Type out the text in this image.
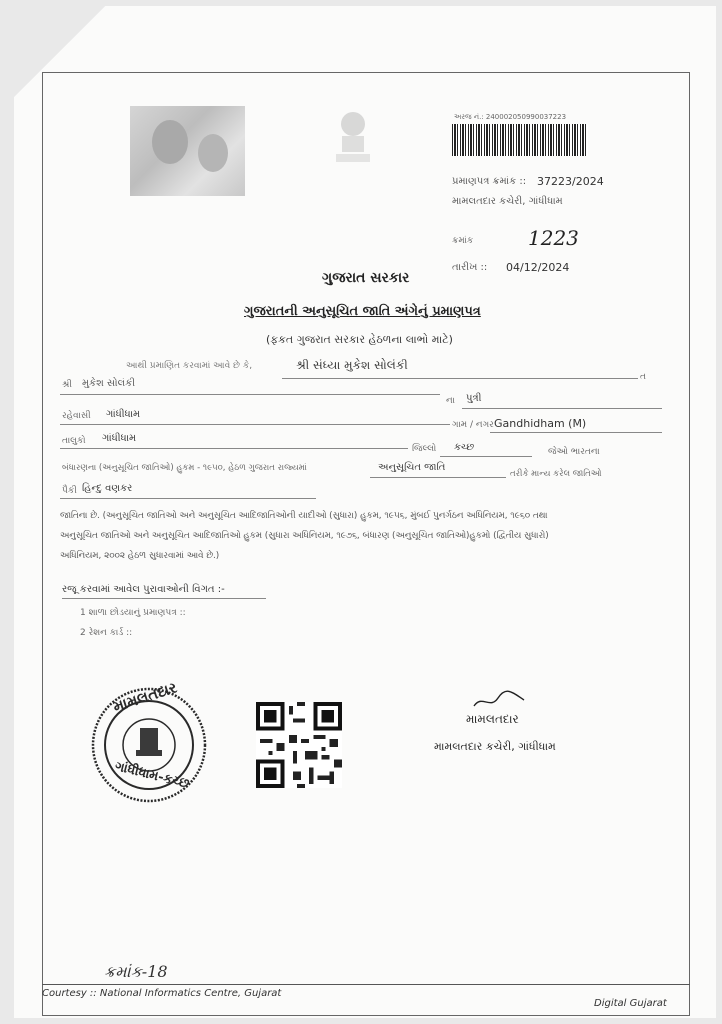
અરજ નં.: 240002050990037223
પ્રમાણપત્ર ક્રમાંક :: 37223/2024
મામલતદાર કચેરી, ગાંધીધામ
ક્રમાંક	1223
તારીખ :: 04/12/2024
ગુજરાત સરકાર
ગુજરાતની અનુસૂચિત જાતિ અંગેનું પ્રમાણપત્ર
(ફકત ગુજરાત સરકાર હેઠળના લાભો માટે)
આથી પ્રમાણિત કરવામાં આવે છે કે,	શ્રી સંધ્યા મુકેશ સોલંકી
ત
શ્રી મુકેશ સોલંકી
ના પુત્રી
રહેવાસી ગાંધીધામ
ગામ / નગર Gandhidham (M)
તાલુકો ગાંધીધામ
જિલ્લો કચ્છ	જેઓ ભારતના
બંધારણના (અનુસૂચિત જાતિઓ) હુકમ - ૧૯૫૦, હેઠળ ગુજરાત રાજ્યમાં	અનુસૂચિત જાતિ
તરીકે માન્ય કરેલ જાતિઓ
પૈકી હિન્દુ વણકર
જાતિના છે. (અનુસૂચિત જાતિઓ અને અનુસૂચિત આદિજાતિઓની યાદીઓ (સુધારા) હુકમ, ૧૯૫૬, મુંબઈ પુનર્ગઠન અધિનિયમ, ૧૯૬૦ તથા
અનુસૂચિત જાતિઓ અને અનુસૂચિત આદિજાતિઓ હુકમ (સુધારા અધિનિયમ, ૧૯૭૬, બંધારણ (અનુસૂચિત જાતિઓ)હુકમો (દ્વિતીય સુધારો)
અધિનિયમ, ૨૦૦૨ હેઠળ સુધારવામાં આવે છે.)
રજૂ કરવામાં આવેલ પુરાવાઓની વિગત :-
1 શાળા છોડયાનું પ્રમાણપત્ર ::
2 રેશન કાર્ડ ::
મામલતદાર
ગાંધીધામ-કચ્છ
મામલતદાર
મામલતદાર કચેરી, ગાંધીધામ
ક્રમાંક-18
Courtesy :: National Informatics Centre, Gujarat
Digital Gujarat
